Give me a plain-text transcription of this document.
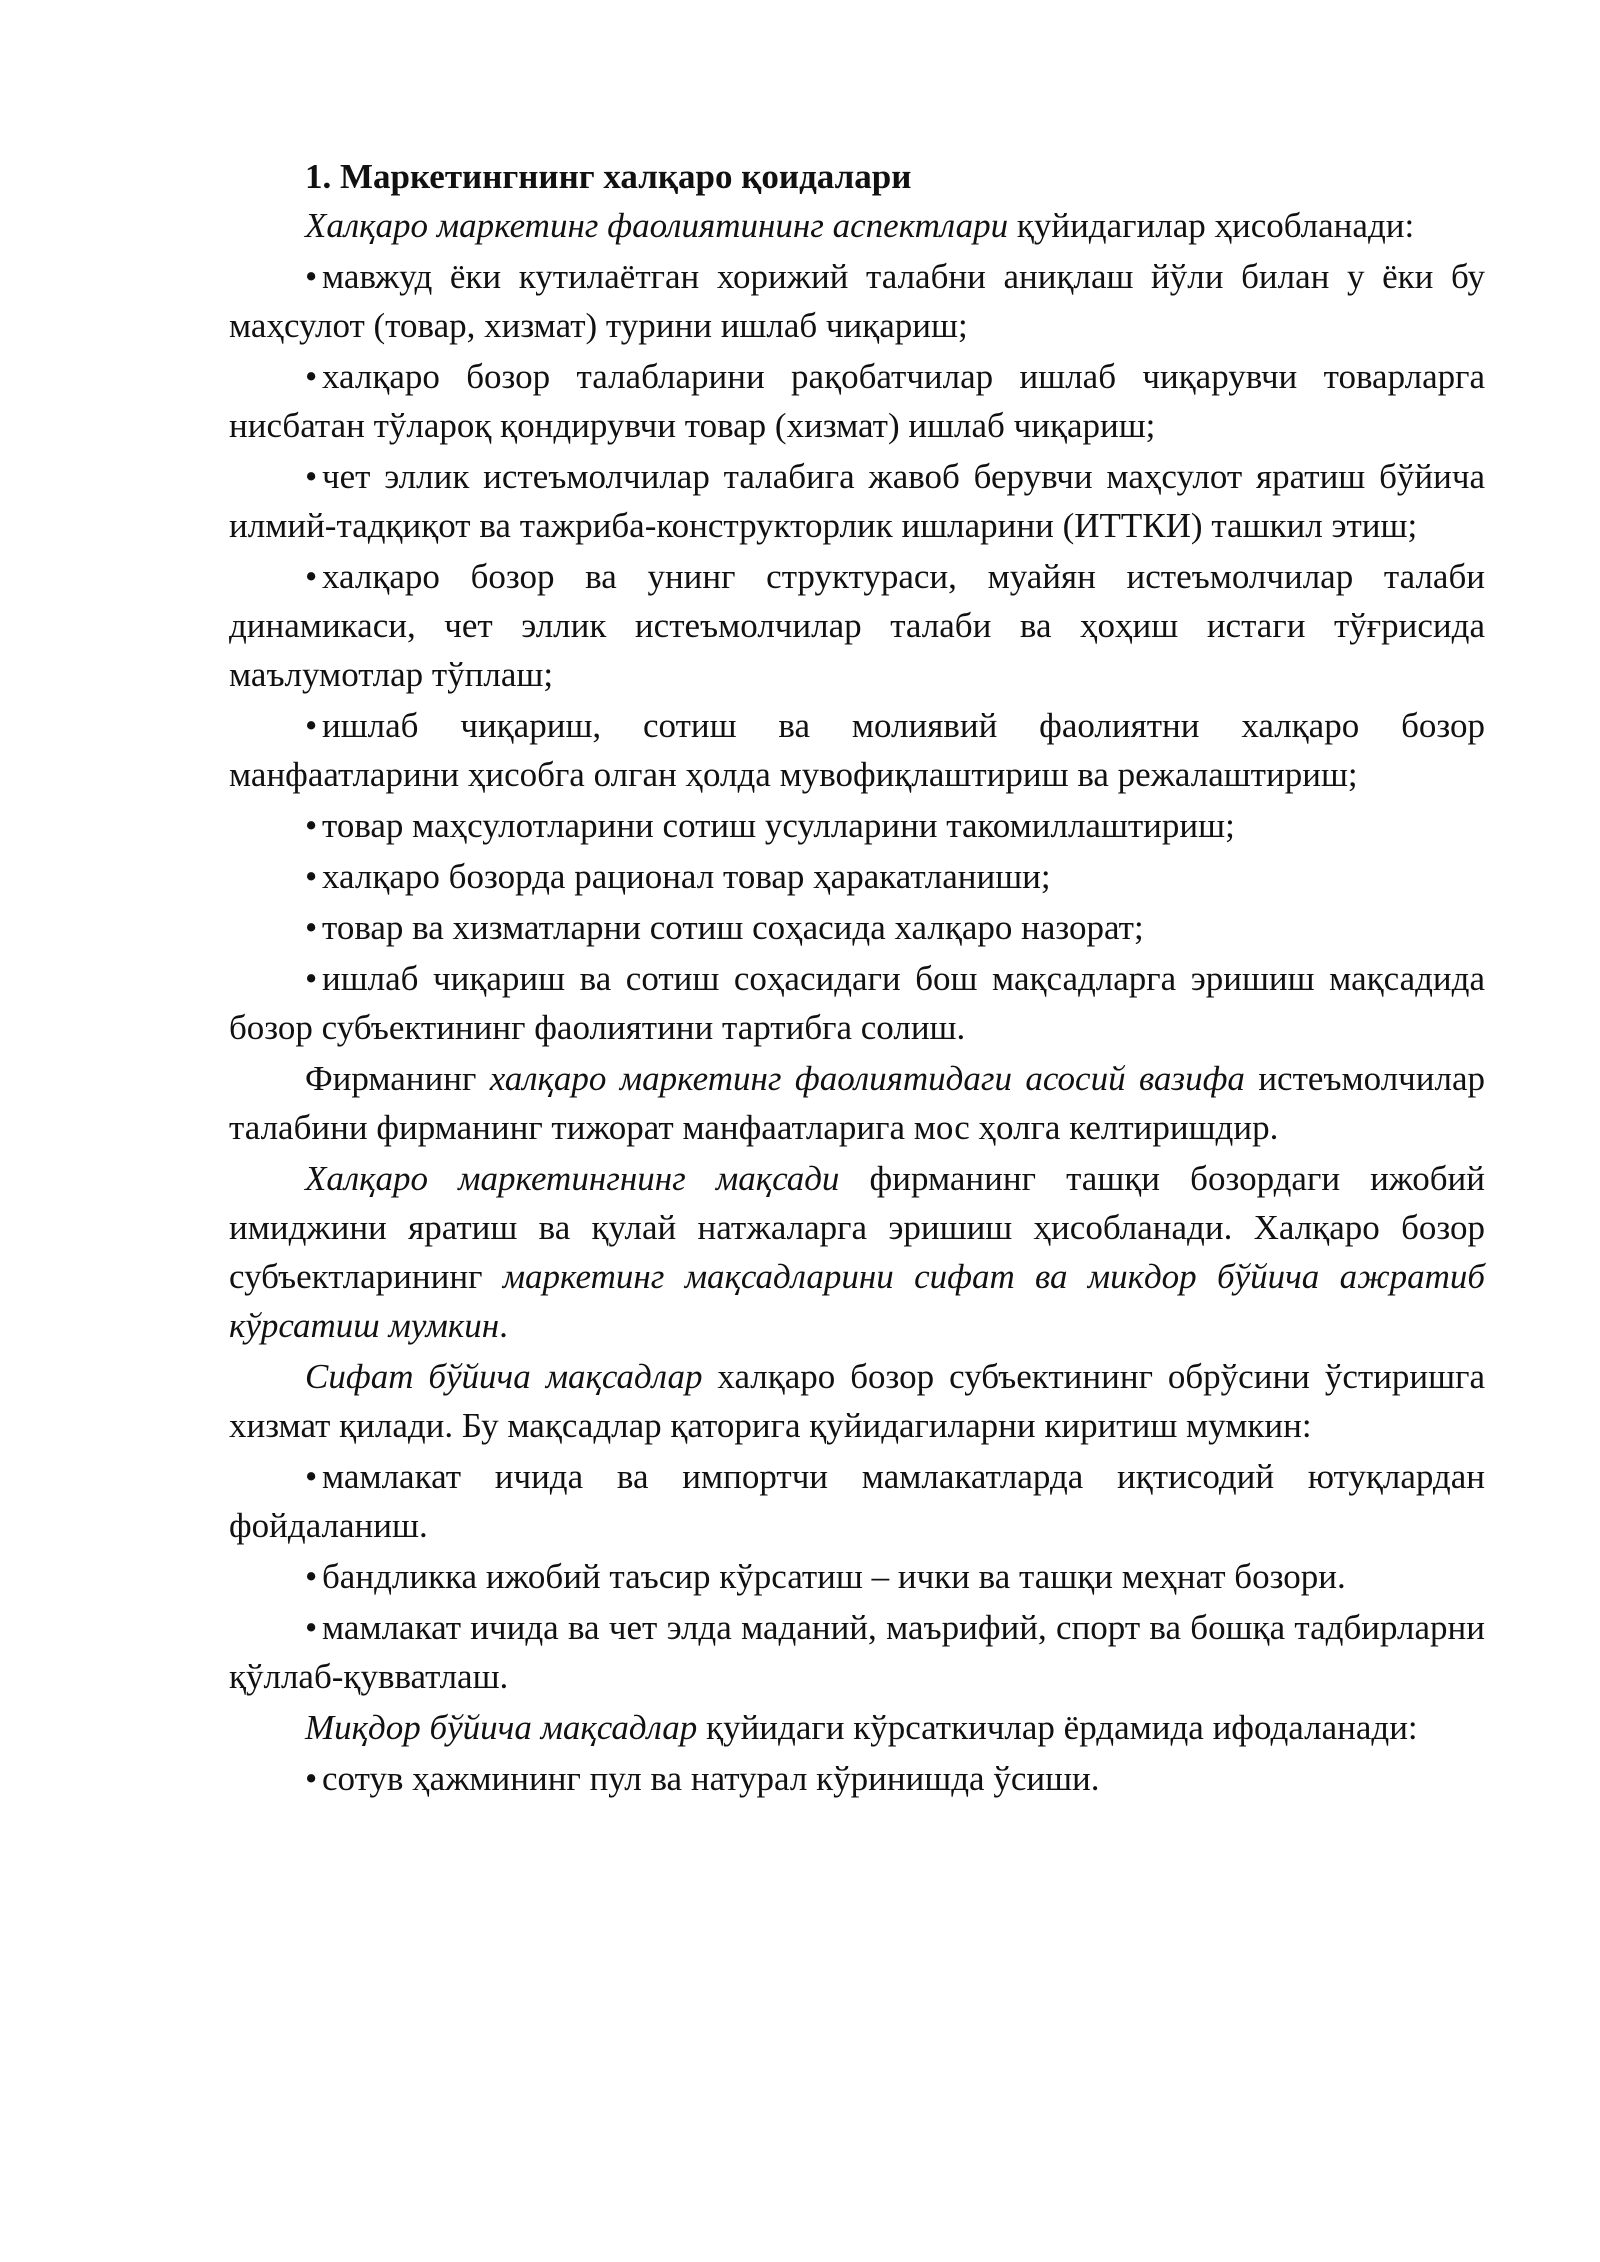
1. Маркетингнинг халқаро қоидалари

Халқаро маркетинг фаолиятининг аспектлари қуйидагилар ҳисобланади:

• мавжуд ёки кутилаётган хорижий талабни аниқлаш йўли билан у ёки бу маҳсулот (товар, хизмат) турини ишлаб чиқариш;

• халқаро бозор талабларини рақобатчилар ишлаб чиқарувчи товарларга нисбатан тўлароқ қондирувчи товар (хизмат) ишлаб чиқариш;

• чет эллик истеъмолчилар талабига жавоб берувчи маҳсулот яратиш бўйича илмий-тадқиқот ва тажриба-конструкторлик ишларини (ИТТКИ) ташкил этиш;

• халқаро бозор ва унинг структураси, муайян истеъмолчилар талаби динамикаси, чет эллик истеъмолчилар талаби ва ҳоҳиш истаги тўғрисида маълумотлар тўплаш;

• ишлаб чиқариш, сотиш ва молиявий фаолиятни халқаро бозор манфаатларини ҳисобга олган ҳолда мувофиқлаштириш ва режалаштириш;

• товар маҳсулотларини сотиш усулларини такомиллаштириш;

• халқаро бозорда рационал товар ҳаракатланиши;

• товар ва хизматларни сотиш соҳасида халқаро назорат;

• ишлаб чиқариш ва сотиш соҳасидаги бош мақсадларга эришиш мақсадида бозор субъектининг фаолиятини тартибга солиш.

Фирманинг халқаро маркетинг фаолиятидаги асосий вазифа истеъмолчилар талабини фирманинг тижорат манфаатларига мос ҳолга келтиришдир.

Халқаро маркетингнинг мақсади фирманинг ташқи бозордаги ижобий имиджини яратиш ва қулай натжаларга эришиш ҳисобланади. Халқаро бозор субъектларининг маркетинг мақсадларини сифат ва микдор бўйича ажратиб кўрсатиш мумкин.

Сифат бўйича мақсадлар халқаро бозор субъектининг обрўсини ўстиришга хизмат қилади. Бу мақсадлар қаторига қуйидагиларни киритиш мумкин:

• мамлакат ичида ва импортчи мамлакатларда иқтисодий ютуқлардан фойдаланиш.

• бандликка ижобий таъсир кўрсатиш – ички ва ташқи меҳнат бозори.

• мамлакат ичида ва чет элда маданий, маърифий, спорт ва бошқа тадбирларни қўллаб-қувватлаш.

Миқдор бўйича мақсадлар қуйидаги кўрсаткичлар ёрдамида ифодаланади:

• сотув ҳажмининг пул ва натурал кўринишда ўсиши.
